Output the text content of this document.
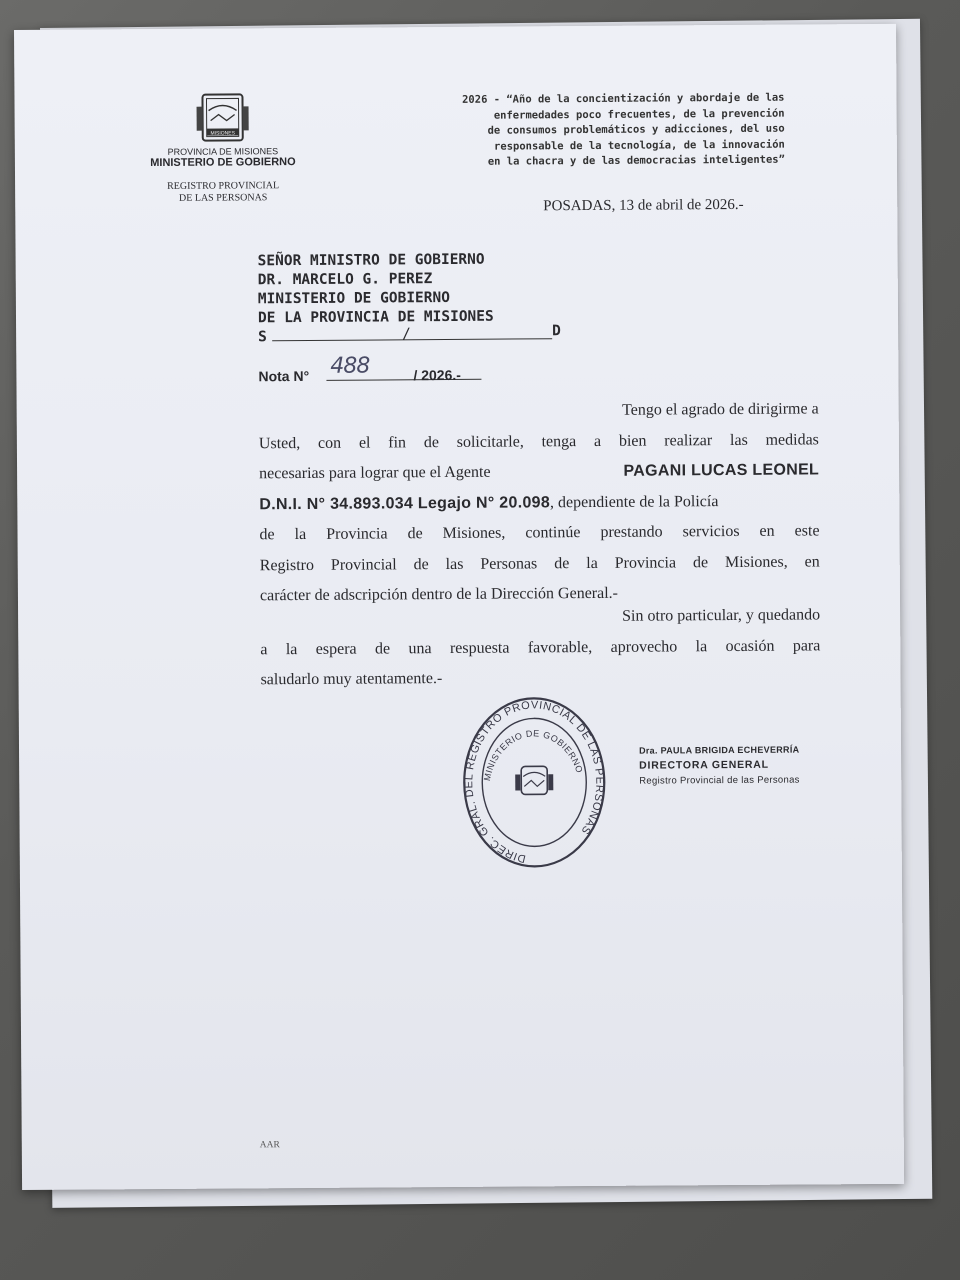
MISIONES
PROVINCIA DE MISIONES
MINISTERIO DE GOBIERNO
REGISTRO PROVINCIAL
DE LAS PERSONAS
2026 - “Año de la concientización y abordaje de las
enfermedades poco frecuentes, de la prevención
de consumos problemáticos y adicciones, del uso
responsable de la tecnología, de la innovación
en la chacra y de las democracias inteligentes”
POSADAS, 13 de abril de 2026.-
SEÑOR MINISTRO DE GOBIERNO
DR. MARCELO G. PEREZ
MINISTERIO DE GOBIERNO
DE LA PROVINCIA DE MISIONES
S	/	D
Nota N° 488	/ 2026.-
Tengo el agrado de dirigirme a
Usted, con el fin de solicitarle, tenga a bien realizar las medidas
necesarias para lograr que el Agente	PAGANI LUCAS LEONEL
D.N.I. N° 34.893.034 Legajo N° 20.098, dependiente de la Policía
de la Provincia de Misiones, continúe prestando servicios en este
Registro Provincial de las Personas de la Provincia de Misiones, en
carácter de adscripción dentro de la Dirección General.-
Sin otro particular, y quedando
a la espera de una respuesta favorable, aprovecho la ocasión para
saludarlo muy atentamente.-
DIREC. GRAL. DEL REGISTRO PROVINCIAL DE LAS PERSONAS
MINISTERIO DE GOBIERNO
Dra. PAULA BRIGIDA ECHEVERRÍA
DIRECTORA GENERAL
Registro Provincial de las Personas
AAR
